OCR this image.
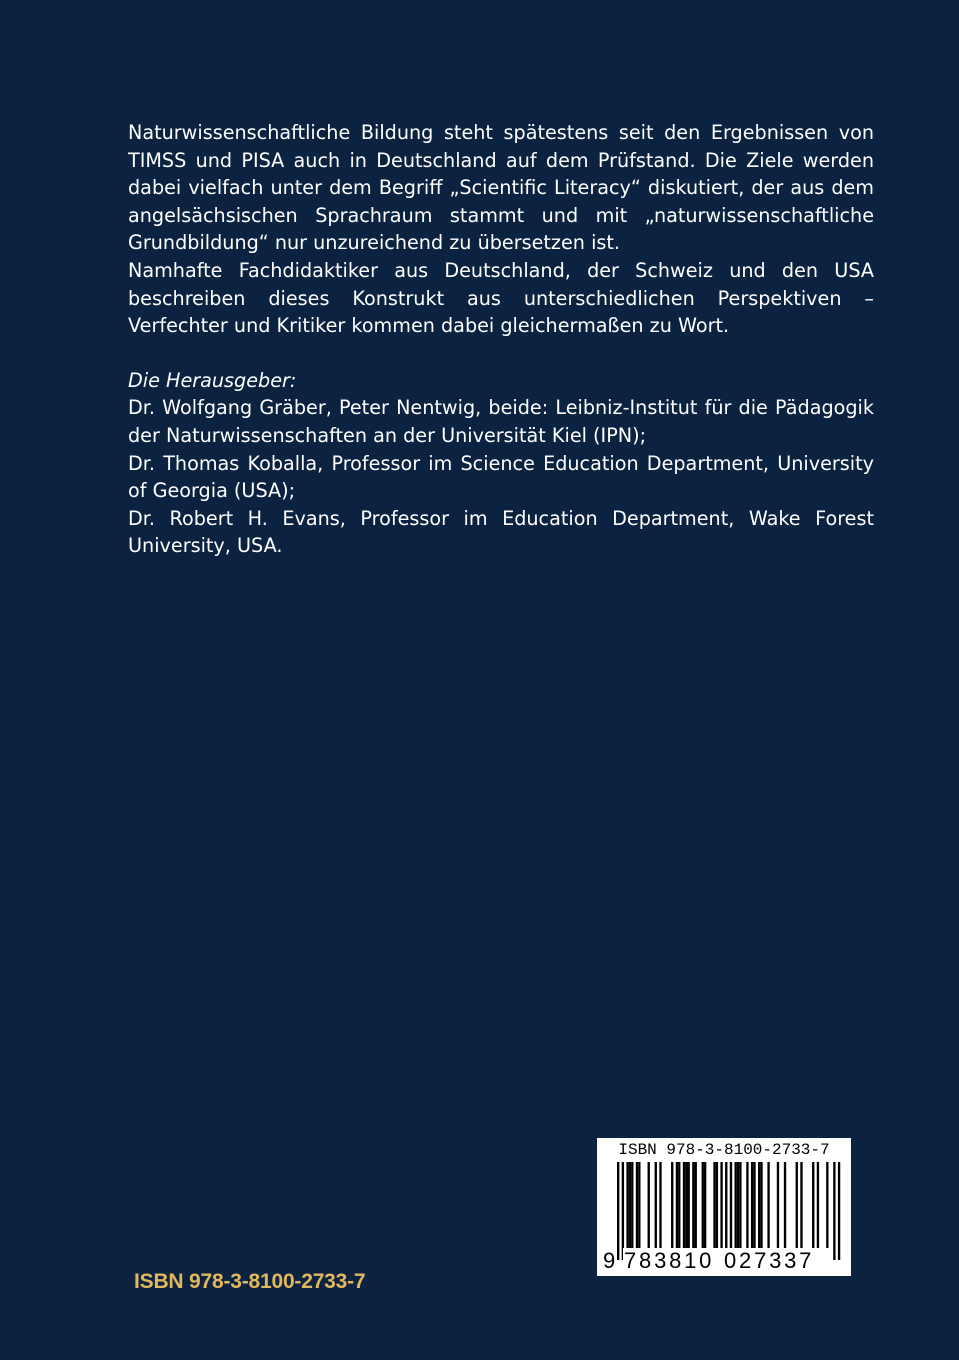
Naturwissenschaftliche Bildung steht spätestens seit den Ergebnissen von TIMSS und PISA auch in Deutschland auf dem Prüfstand. Die Ziele werden dabei vielfach unter dem Begriff „Scientific Literacy“ diskutiert, der aus dem angelsächsischen Sprachraum stammt und mit „naturwissenschaftliche Grundbildung“ nur unzureichend zu übersetzen ist.

Namhafte Fachdidaktiker aus Deutschland, der Schweiz und den USA beschreiben dieses Konstrukt aus unterschiedlichen Perspektiven – Verfechter und Kritiker kommen dabei gleichermaßen zu Wort.

Die Herausgeber:

Dr. Wolfgang Gräber, Peter Nentwig, beide: Leibniz-Institut für die Pädagogik der Naturwissenschaften an der Universität Kiel (IPN);

Dr. Thomas Koballa, Professor im Science Education Department, University of Georgia (USA);

Dr. Robert H. Evans, Professor im Education Department, Wake Forest University, USA.

ISBN 978-3-8100-2733-7
9 783810 027337
ISBN 978-3-8100-2733-7
